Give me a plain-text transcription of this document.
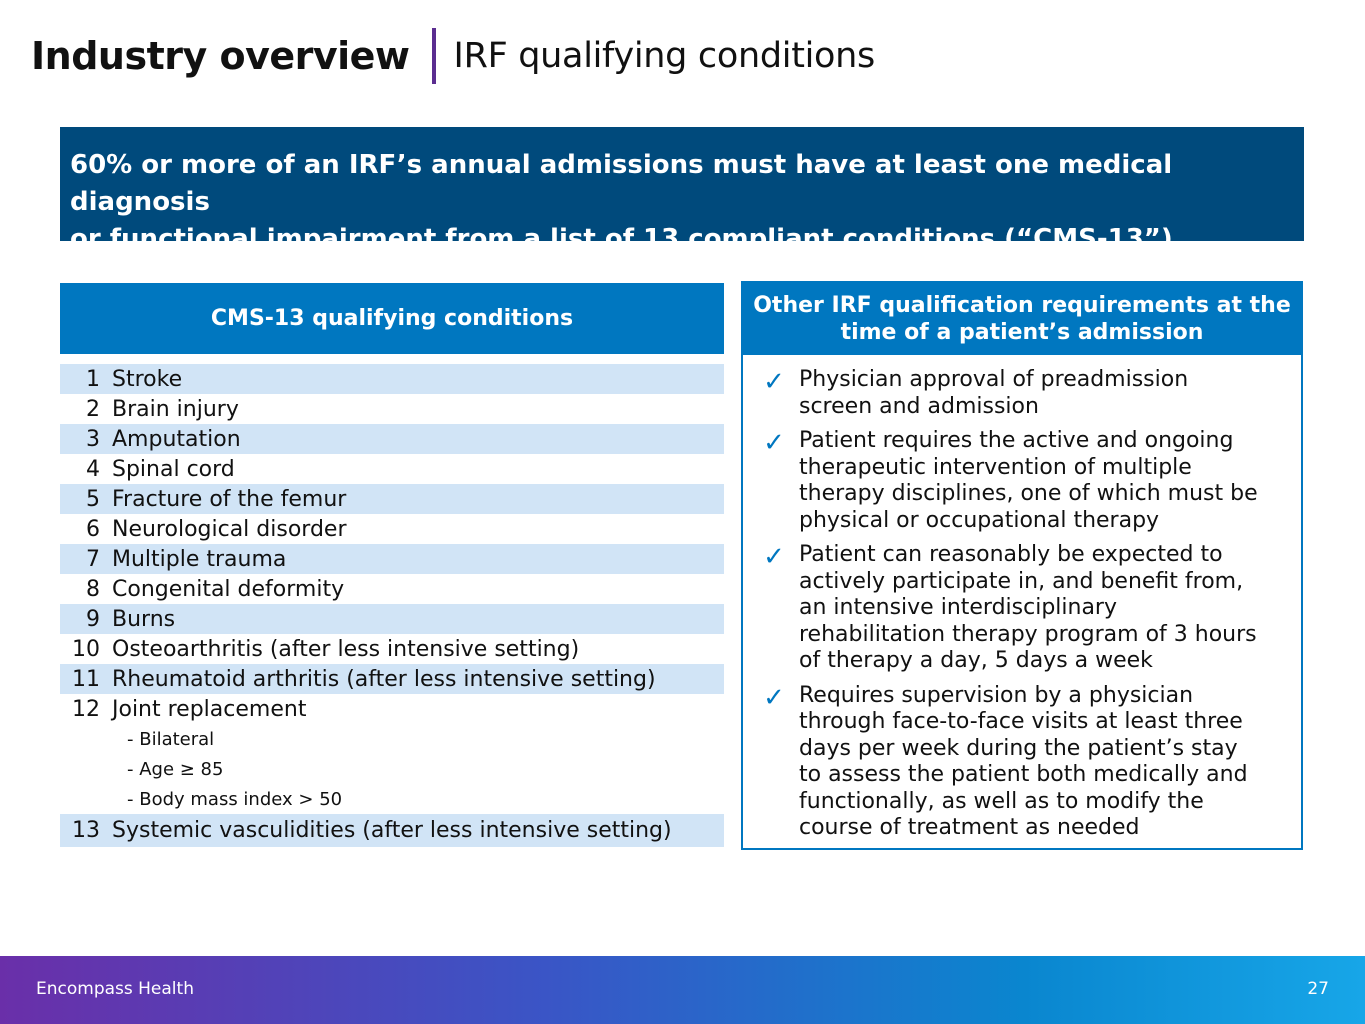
Industry overview IRF qualifying conditions
60% or more of an IRF’s annual admissions must have at least one medical diagnosis
or functional impairment from a list of 13 compliant conditions (“CMS-13”).
CMS-13 qualifying conditions
1 Stroke
2 Brain injury
3 Amputation
4 Spinal cord
5 Fracture of the femur
6 Neurological disorder
7 Multiple trauma
8 Congenital deformity
9 Burns
10 Osteoarthritis (after less intensive setting)
11 Rheumatoid arthritis (after less intensive setting)
12 Joint replacement
- Bilateral
- Age ≥ 85
- Body mass index > 50
13 Systemic vasculidities (after less intensive setting)
Other IRF qualification requirements at the
time of a patient’s admission
✓ Physician approval of preadmission
screen and admission
✓ Patient requires the active and ongoing
therapeutic intervention of multiple
therapy disciplines, one of which must be
physical or occupational therapy
✓ Patient can reasonably be expected to
actively participate in, and benefit from,
an intensive interdisciplinary
rehabilitation therapy program of 3 hours
of therapy a day, 5 days a week
✓ Requires supervision by a physician
through face-to-face visits at least three
days per week during the patient’s stay
to assess the patient both medically and
functionally, as well as to modify the
course of treatment as needed
Encompass Health	27
